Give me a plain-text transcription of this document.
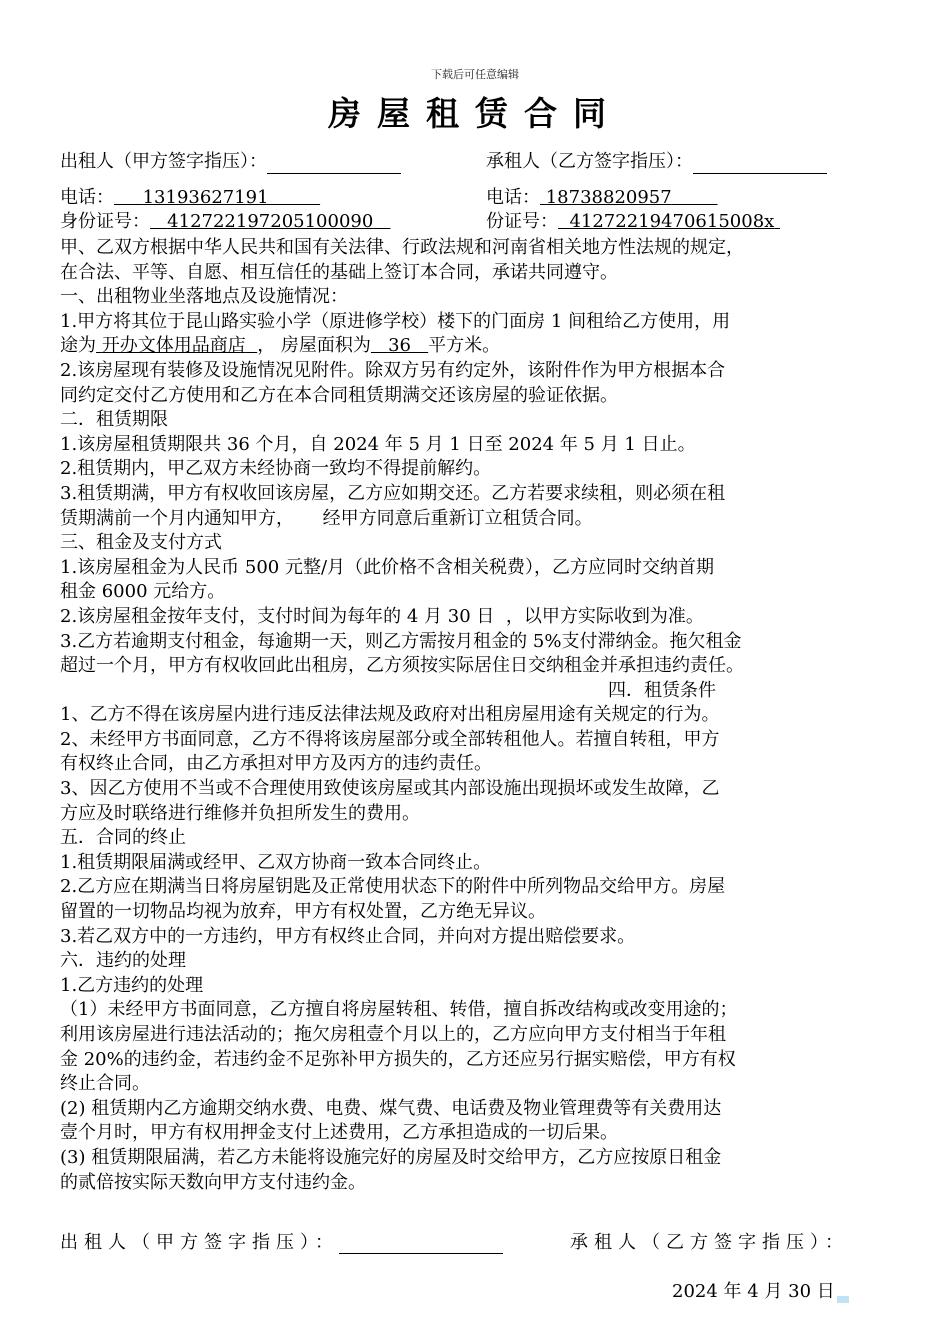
下载后可任意编辑
房屋租赁合同
出租人（甲方签字指压）：	承租人（乙方签字指压）：
电话： 13193627191	电话： 18738820957
身份证号： 412722197205100090	份证号： 41272219470615008x

甲、乙双方根据中华人民共和国有关法律、行政法规和河南省相关地方性法规的规定，

在合法、平等、自愿、相互信任的基础上签订本合同，承诺共同遵守。

一、出租物业坐落地点及设施情况：

1.甲方将其位于昆山路实验小学（原进修学校）楼下的门面房 1 间租给乙方使用，用

途为 开办文体用品商店 ， 房屋面积为 36 平方米。

2.该房屋现有装修及设施情况见附件。除双方另有约定外，该附件作为甲方根据本合

同约定交付乙方使用和乙方在本合同租赁期满交还该房屋的验证依据。

二．租赁期限

1.该房屋租赁期限共 36 个月，自 2024 年 5 月 1 日至 2024 年 5 月 1 日止。

2.租赁期内，甲乙双方未经协商一致均不得提前解约。

3.租赁期满，甲方有权收回该房屋，乙方应如期交还。乙方若要求续租，则必须在租

赁期满前一个月内通知甲方，     经甲方同意后重新订立租赁合同。

三、租金及支付方式

1.该房屋租金为人民币 500 元整/月（此价格不含相关税费），乙方应同时交纳首期

租金 6000 元给方。

2.该房屋租金按年支付，支付时间为每年的 4 月 30 日  ，以甲方实际收到为准。

3.乙方若逾期支付租金，每逾期一天，则乙方需按月租金的 5%支付滞纳金。拖欠租金

超过一个月，甲方有权收回此出租房，乙方须按实际居住日交纳租金并承担违约责任。

四．租赁条件

1、乙方不得在该房屋内进行违反法律法规及政府对出租房屋用途有关规定的行为。

2、未经甲方书面同意，乙方不得将该房屋部分或全部转租他人。若擅自转租，甲方

有权终止合同，由乙方承担对甲方及丙方的违约责任。

3、因乙方使用不当或不合理使用致使该房屋或其内部设施出现损坏或发生故障，乙

方应及时联络进行维修并负担所发生的费用。

五．合同的终止

1.租赁期限届满或经甲、乙双方协商一致本合同终止。

2.乙方应在期满当日将房屋钥匙及正常使用状态下的附件中所列物品交给甲方。房屋

留置的一切物品均视为放弃，甲方有权处置，乙方绝无异议。

3.若乙双方中的一方违约，甲方有权终止合同，并向对方提出赔偿要求。

六．违约的处理

1.乙方违约的处理

（1）未经甲方书面同意，乙方擅自将房屋转租、转借，擅自拆改结构或改变用途的；

利用该房屋进行违法活动的；拖欠房租壹个月以上的，乙方应向甲方支付相当于年租

金 20%的违约金，若违约金不足弥补甲方损失的，乙方还应另行据实赔偿，甲方有权

终止合同。

(2) 租赁期内乙方逾期交纳水费、电费、煤气费、电话费及物业管理费等有关费用达

壹个月时，甲方有权用押金支付上述费用，乙方承担造成的一切后果。

(3) 租赁期限届满，若乙方未能将设施完好的房屋及时交给甲方，乙方应按原日租金

的贰倍按实际天数向甲方支付违约金。

出租人（甲方签字指压）：	承租人（乙方签字指压）：
2024 年 4 月 30 日
